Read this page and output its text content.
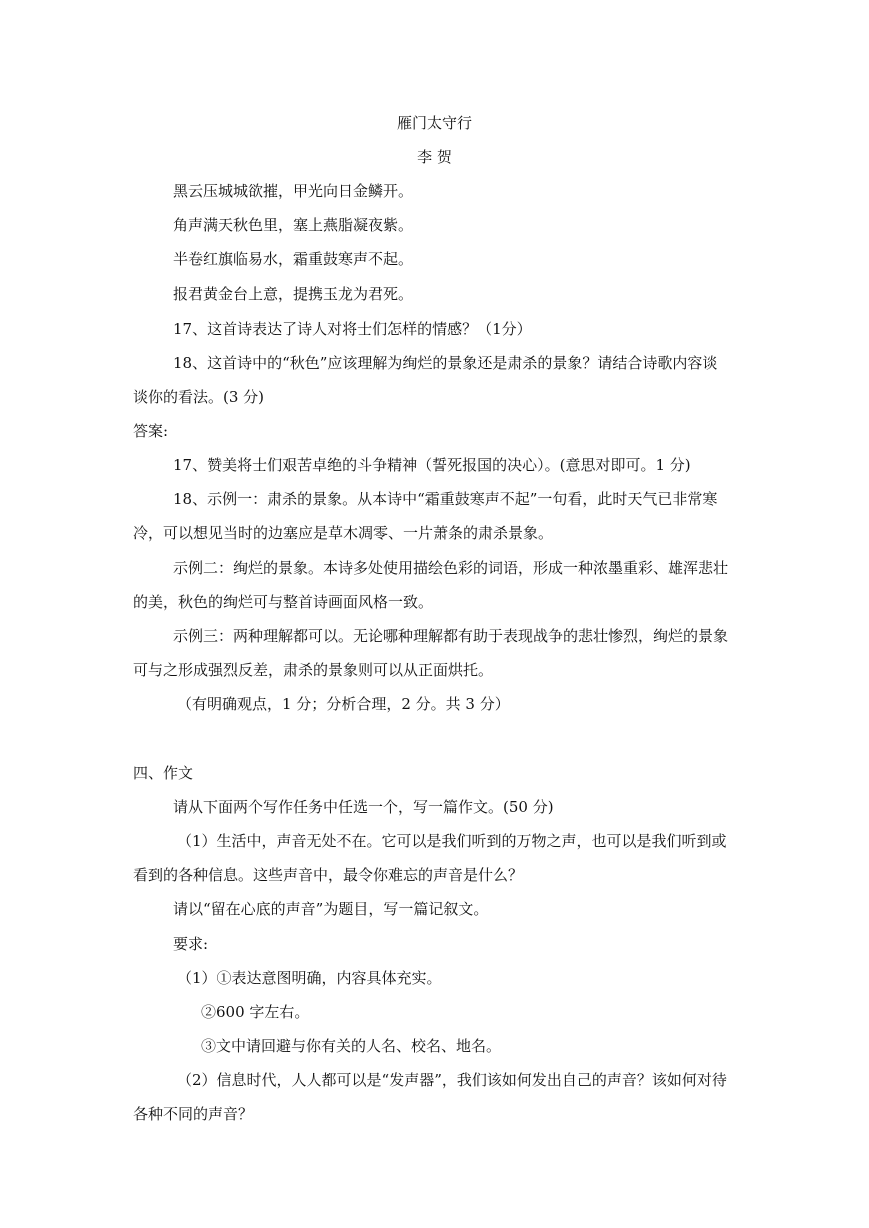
雁门太守行
李 贺
黑云压城城欲摧，甲光向日金鳞开。
角声满天秋色里，塞上燕脂凝夜紫。
半卷红旗临易水，霜重鼓寒声不起。
报君黄金台上意，提携玉龙为君死。
17、这首诗表达了诗人对将士们怎样的情感？（1分）
18、这首诗中的“秋色”应该理解为绚烂的景象还是肃杀的景象？请结合诗歌内容谈
谈你的看法。(3 分)
答案:
17、赞美将士们艰苦卓绝的斗争精神（誓死报国的决心）。(意思对即可。1 分)
18、示例一：肃杀的景象。从本诗中“霜重鼓寒声不起”一句看，此时天气已非常寒
冷，可以想见当时的边塞应是草木凋零、一片萧条的肃杀景象。
示例二：绚烂的景象。本诗多处使用描绘色彩的词语，形成一种浓墨重彩、雄浑悲壮
的美，秋色的绚烂可与整首诗画面风格一致。
示例三：两种理解都可以。无论哪种理解都有助于表现战争的悲壮惨烈，绚烂的景象
可与之形成强烈反差，肃杀的景象则可以从正面烘托。
（有明确观点，1 分；分析合理，2 分。共 3 分）
四、作文
请从下面两个写作任务中任选一个，写一篇作文。(50 分)
（1）生活中，声音无处不在。它可以是我们听到的万物之声，也可以是我们听到或
看到的各种信息。这些声音中，最令你难忘的声音是什么？
请以“留在心底的声音”为题目，写一篇记叙文。
要求:
（1）①表达意图明确，内容具体充实。
②600 字左右。
③文中请回避与你有关的人名、校名、地名。
（2）信息时代，人人都可以是“发声器”，我们该如何发出自己的声音？该如何对待
各种不同的声音？
